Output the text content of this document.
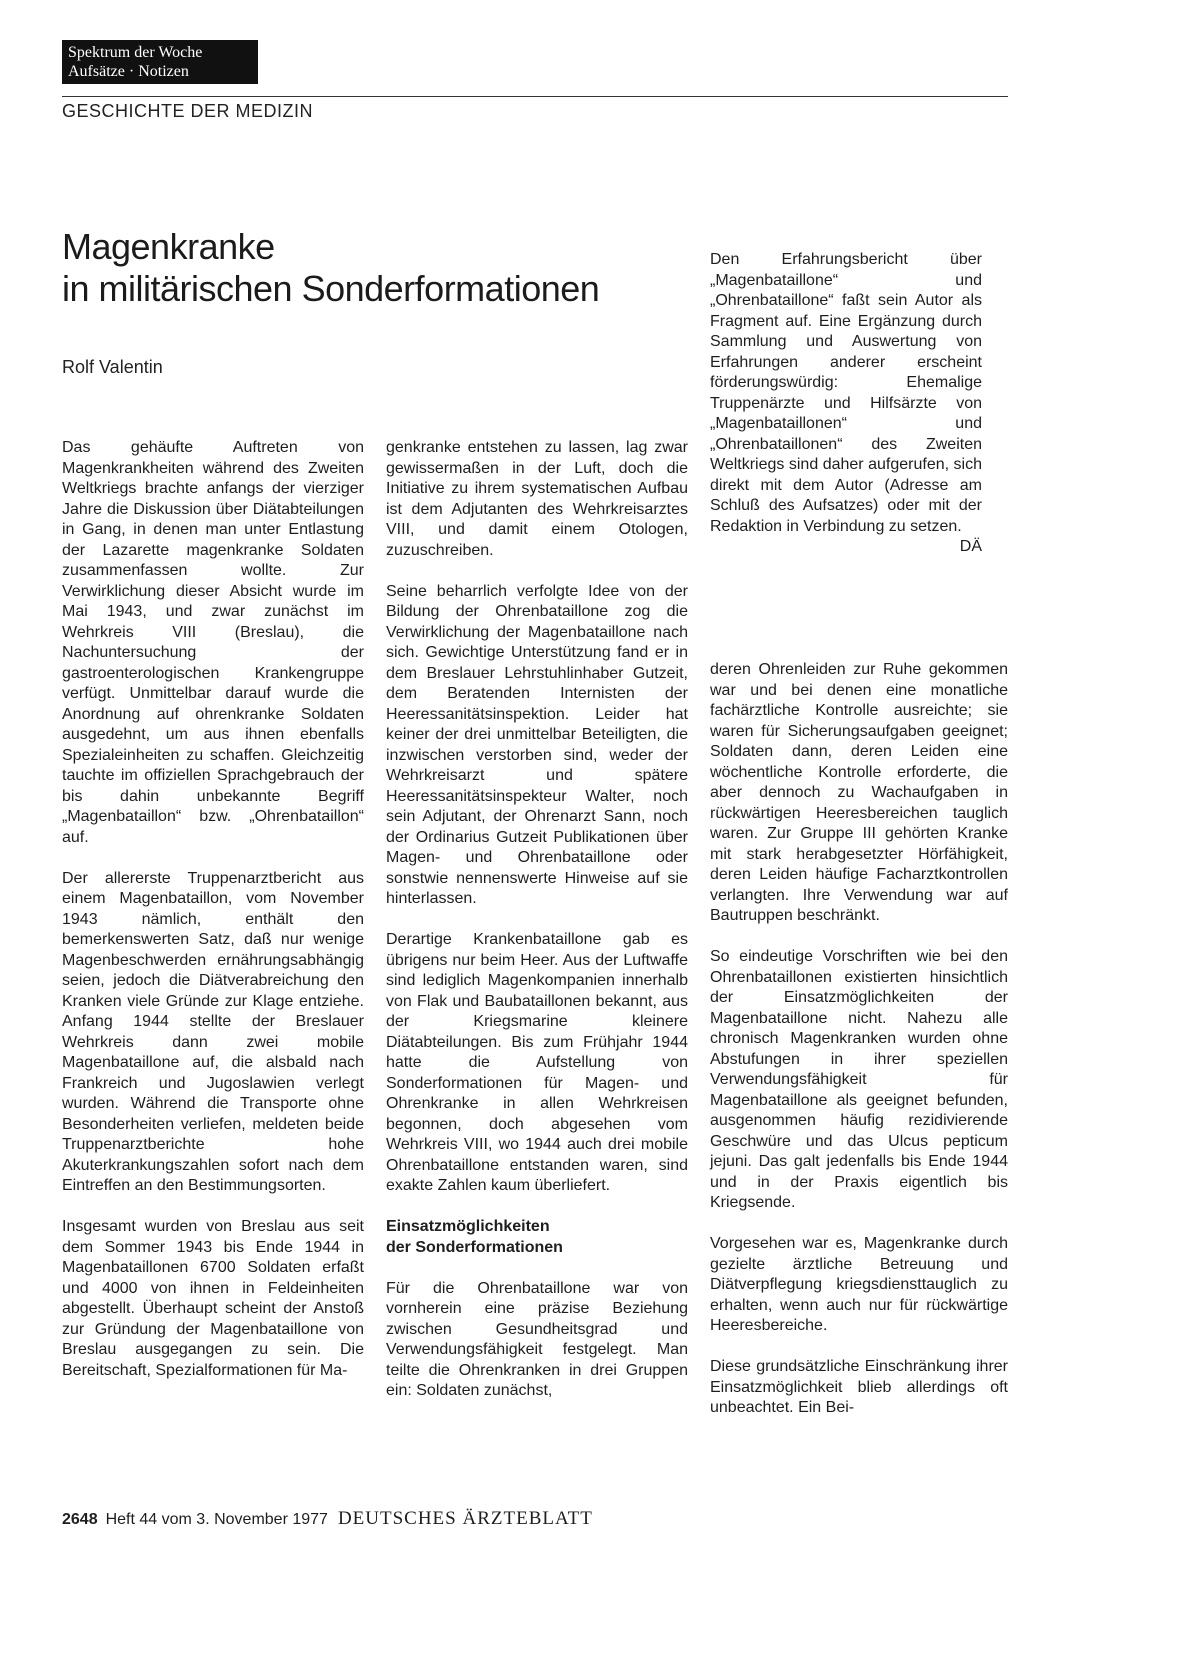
Spektrum der Woche
Aufsätze · Notizen
GESCHICHTE DER MEDIZIN
Magenkranke
in militärischen Sonderformationen
Rolf Valentin

Das gehäufte Auftreten von Magenkrankheiten während des Zweiten Weltkriegs brachte anfangs der vierziger Jahre die Diskussion über Diätabteilungen in Gang, in denen man unter Entlastung der Lazarette magenkranke Soldaten zusammenfassen wollte. Zur Verwirklichung dieser Absicht wurde im Mai 1943, und zwar zunächst im Wehrkreis VIII (Breslau), die Nachuntersuchung der gastroenterologischen Krankengruppe verfügt. Unmittelbar darauf wurde die Anordnung auf ohrenkranke Soldaten ausgedehnt, um aus ihnen ebenfalls Spezialeinheiten zu schaffen. Gleichzeitig tauchte im offiziellen Sprachgebrauch der bis dahin unbekannte Begriff „Magenbataillon“ bzw. „Ohrenbataillon“ auf.

Der allererste Truppenarztbericht aus einem Magenbataillon, vom November 1943 nämlich, enthält den bemerkenswerten Satz, daß nur wenige Magenbeschwerden ernährungsabhängig seien, jedoch die Diätverabreichung den Kranken viele Gründe zur Klage entziehe. Anfang 1944 stellte der Breslauer Wehrkreis dann zwei mobile Magenbataillone auf, die alsbald nach Frankreich und Jugoslawien verlegt wurden. Während die Transporte ohne Besonderheiten verliefen, meldeten beide Truppenarztberichte hohe Akuterkrankungszahlen sofort nach dem Eintreffen an den Bestimmungsorten.

Insgesamt wurden von Breslau aus seit dem Sommer 1943 bis Ende 1944 in Magenbataillonen 6700 Soldaten erfaßt und 4000 von ihnen in Feldeinheiten abgestellt. Überhaupt scheint der Anstoß zur Gründung der Magenbataillone von Breslau ausgegangen zu sein. Die Bereitschaft, Spezialformationen für Ma-

genkranke entstehen zu lassen, lag zwar gewissermaßen in der Luft, doch die Initiative zu ihrem systematischen Aufbau ist dem Adjutanten des Wehrkreisarztes VIII, und damit einem Otologen, zuzuschreiben.

Seine beharrlich verfolgte Idee von der Bildung der Ohrenbataillone zog die Verwirklichung der Magenbataillone nach sich. Gewichtige Unterstützung fand er in dem Breslauer Lehrstuhlinhaber Gutzeit, dem Beratenden Internisten der Heeressanitätsinspektion. Leider hat keiner der drei unmittelbar Beteiligten, die inzwischen verstorben sind, weder der Wehrkreisarzt und spätere Heeressanitätsinspekteur Walter, noch sein Adjutant, der Ohrenarzt Sann, noch der Ordinarius Gutzeit Publikationen über Magen- und Ohrenbataillone oder sonstwie nennenswerte Hinweise auf sie hinterlassen.

Derartige Krankenbataillone gab es übrigens nur beim Heer. Aus der Luftwaffe sind lediglich Magenkompanien innerhalb von Flak und Baubataillonen bekannt, aus der Kriegsmarine kleinere Diätabteilungen. Bis zum Frühjahr 1944 hatte die Aufstellung von Sonderformationen für Magen- und Ohrenkranke in allen Wehrkreisen begonnen, doch abgesehen vom Wehrkreis VIII, wo 1944 auch drei mobile Ohrenbataillone entstanden waren, sind exakte Zahlen kaum überliefert.

Einsatzmöglichkeiten
der Sonderformationen

Für die Ohrenbataillone war von vornherein eine präzise Beziehung zwischen Gesundheitsgrad und Verwendungsfähigkeit festgelegt. Man teilte die Ohrenkranken in drei Gruppen ein: Soldaten zunächst,

Den Erfahrungsbericht über „Magenbataillone“ und „Ohrenbataillone“ faßt sein Autor als Fragment auf. Eine Ergänzung durch Sammlung und Auswertung von Erfahrungen anderer erscheint förderungswürdig: Ehemalige Truppenärzte und Hilfsärzte von „Magenbataillonen“ und „Ohrenbataillonen“ des Zweiten Weltkriegs sind daher aufgerufen, sich direkt mit dem Autor (Adresse am Schluß des Aufsatzes) oder mit der Redaktion in Verbindung zu setzen.
DÄ

deren Ohrenleiden zur Ruhe gekommen war und bei denen eine monatliche fachärztliche Kontrolle ausreichte; sie waren für Sicherungsaufgaben geeignet; Soldaten dann, deren Leiden eine wöchentliche Kontrolle erforderte, die aber dennoch zu Wachaufgaben in rückwärtigen Heeresbereichen tauglich waren. Zur Gruppe III gehörten Kranke mit stark herabgesetzter Hörfähigkeit, deren Leiden häufige Facharztkontrollen verlangten. Ihre Verwendung war auf Bautruppen beschränkt.

So eindeutige Vorschriften wie bei den Ohrenbataillonen existierten hinsichtlich der Einsatzmöglichkeiten der Magenbataillone nicht. Nahezu alle chronisch Magenkranken wurden ohne Abstufungen in ihrer speziellen Verwendungsfähigkeit für Magenbataillone als geeignet befunden, ausgenommen häufig rezidivierende Geschwüre und das Ulcus pepticum jejuni. Das galt jedenfalls bis Ende 1944 und in der Praxis eigentlich bis Kriegsende.

Vorgesehen war es, Magenkranke durch gezielte ärztliche Betreuung und Diätverpflegung kriegsdiensttauglich zu erhalten, wenn auch nur für rückwärtige Heeresbereiche.

Diese grundsätzliche Einschränkung ihrer Einsatzmöglichkeit blieb allerdings oft unbeachtet. Ein Bei-

2648 Heft 44 vom 3. November 1977 DEUTSCHES ÄRZTEBLATT
